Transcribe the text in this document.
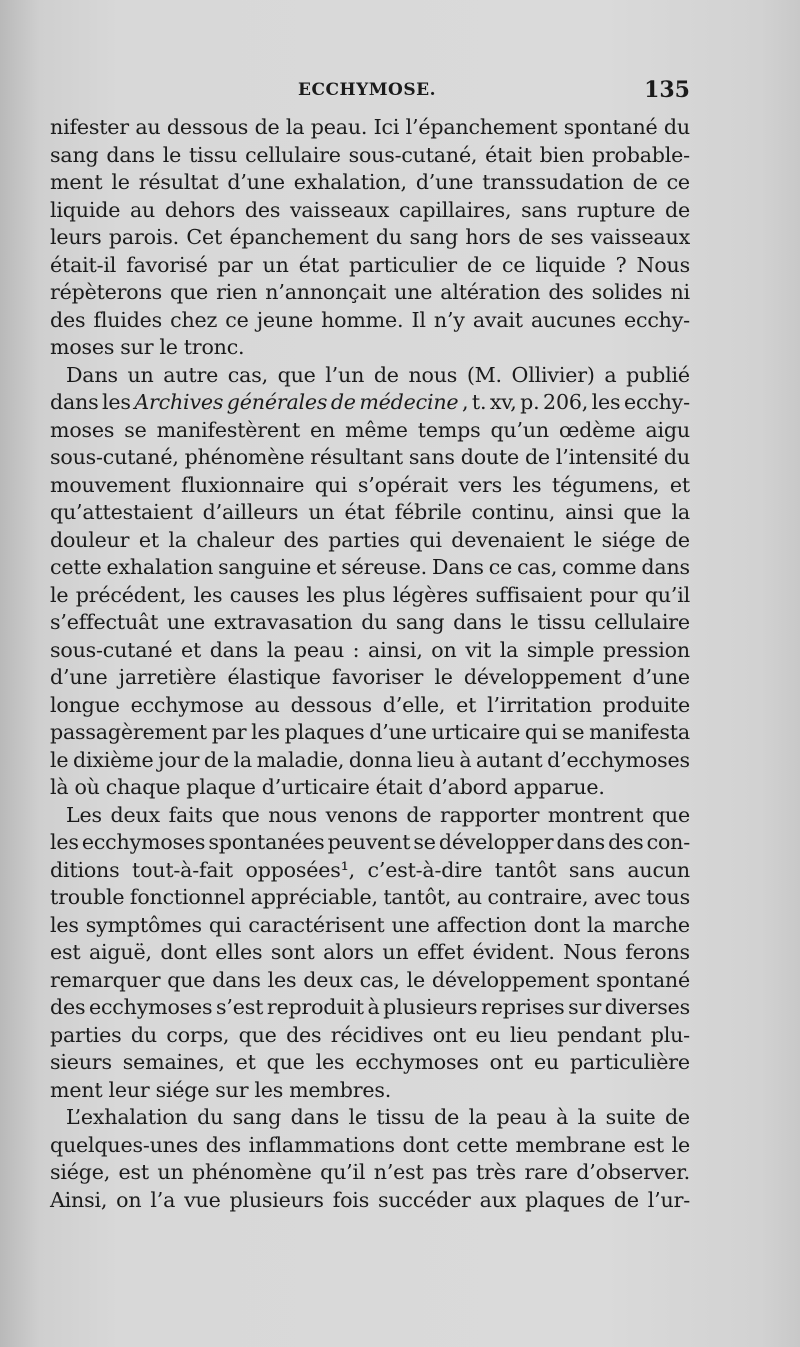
ECCHYMOSE.	135
nifester au dessous de la peau. Ici l’épanchement spontané du
sang dans le tissu cellulaire sous-cutané, était bien probable-
ment le résultat d’une exhalation, d’une transsudation de ce
liquide au dehors des vaisseaux capillaires, sans rupture de
leurs parois. Cet épanchement du sang hors de ses vaisseaux
était-il favorisé par un état particulier de ce liquide ? Nous
répèterons que rien n’annonçait une altération des solides ni
des fluides chez ce jeune homme. Il n’y avait aucunes ecchy-
moses sur le tronc.
Dans un autre cas, que l’un de nous (M. Ollivier) a publié
dans les Archives générales de médecine , t. xv, p. 206, les ecchy-
moses se manifestèrent en même temps qu’un œdème aigu
sous-cutané, phénomène résultant sans doute de l’intensité du
mouvement fluxionnaire qui s’opérait vers les tégumens, et
qu’attestaient d’ailleurs un état fébrile continu, ainsi que la
douleur et la chaleur des parties qui devenaient le siége de
cette exhalation sanguine et séreuse. Dans ce cas, comme dans
le précédent, les causes les plus légères suffisaient pour qu’il
s’effectuât une extravasation du sang dans le tissu cellulaire
sous-cutané et dans la peau : ainsi, on vit la simple pression
d’une jarretière élastique favoriser le développement d’une
longue ecchymose au dessous d’elle, et l’irritation produite
passagèrement par les plaques d’une urticaire qui se manifesta
le dixième jour de la maladie, donna lieu à autant d’ecchymoses
là où chaque plaque d’urticaire était d’abord apparue.
Les deux faits que nous venons de rapporter montrent que
les ecchymoses spontanées peuvent se développer dans des con-
ditions tout-à-fait opposées¹, c’est-à-dire tantôt sans aucun
trouble fonctionnel appréciable, tantôt, au contraire, avec tous
les symptômes qui caractérisent une affection dont la marche
est aiguë, dont elles sont alors un effet évident. Nous ferons
remarquer que dans les deux cas, le développement spontané
des ecchymoses s’est reproduit à plusieurs reprises sur diverses
parties du corps, que des récidives ont eu lieu pendant plu-
sieurs semaines, et que les ecchymoses ont eu particulière
ment leur siége sur les membres.
L’exhalation du sang dans le tissu de la peau à la suite de
quelques-unes des inflammations dont cette membrane est le
siége, est un phénomène qu’il n’est pas très rare d’observer.
Ainsi, on l’a vue plusieurs fois succéder aux plaques de l’ur-
